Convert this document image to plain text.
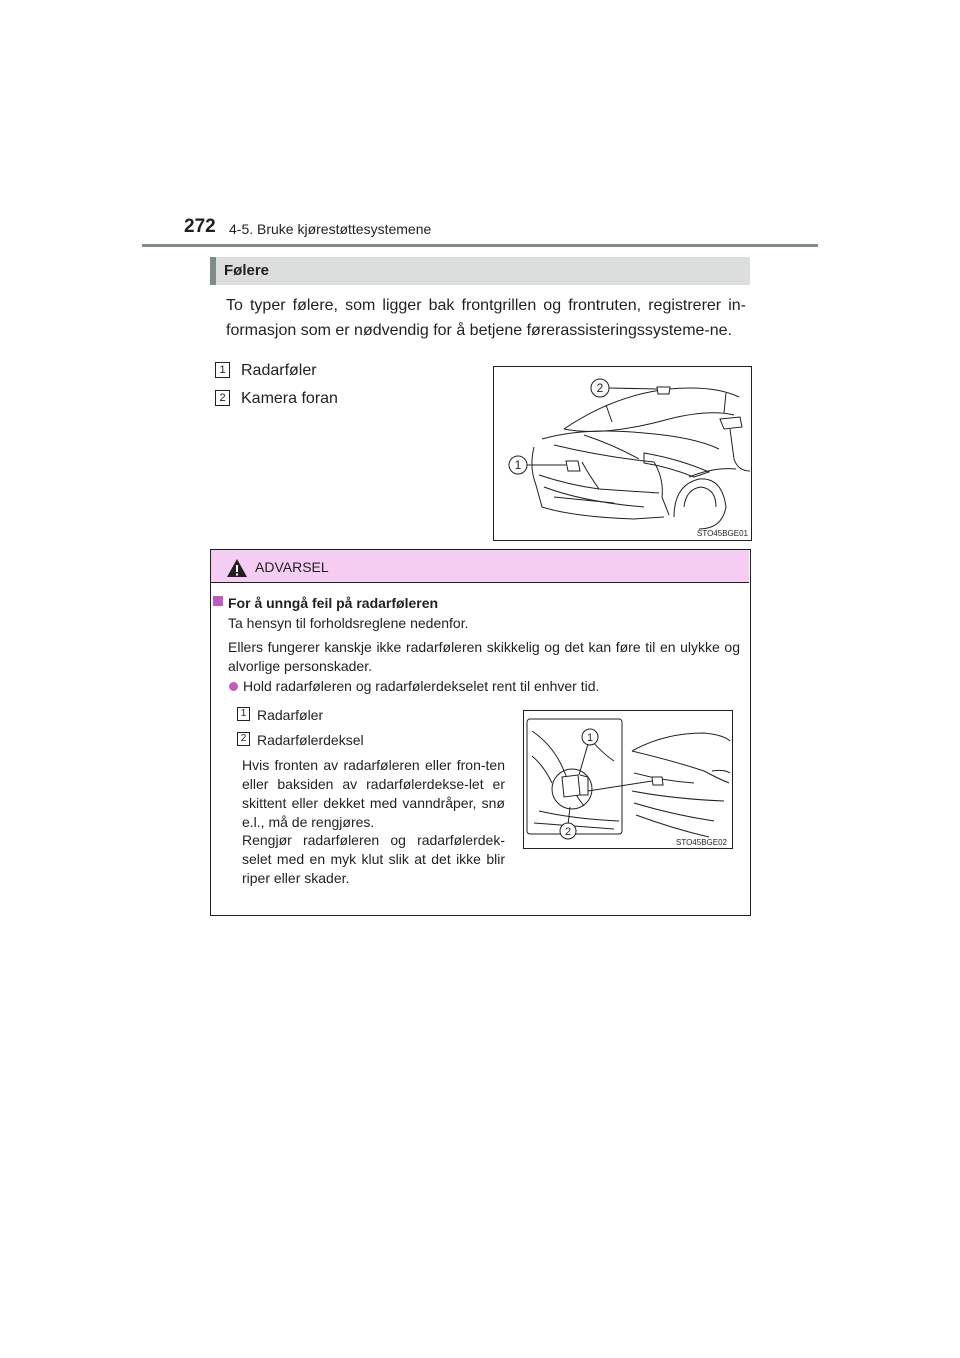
272 4-5. Bruke kjørestøttesystemene
Følere

To typer følere, som ligger bak frontgrillen og frontruten, registrerer in-formasjon som er nødvendig for å betjene førerassisteringssysteme-ne.

1 Radarføler
2 Kamera foran
1
2
STO45BGE01
ADVARSEL
For å unngå feil på radarføleren

Ta hensyn til forholdsreglene nedenfor.

Ellers fungerer kanskje ikke radarføleren skikkelig og det kan føre til en ulykke og alvorlige personskader.

Hold radarføleren og radarfølerdekselet rent til enhver tid.

1 Radarføler
2 Radarfølerdeksel

Hvis fronten av radarføleren eller fron-ten eller baksiden av radarfølerdekse-let er skittent eller dekket med vanndråper, snø e.l., må de rengjøres.

Rengjør radarføleren og radarfølerdek-selet med en myk klut slik at det ikke blir riper eller skader.

1
2
STO45BGE02
